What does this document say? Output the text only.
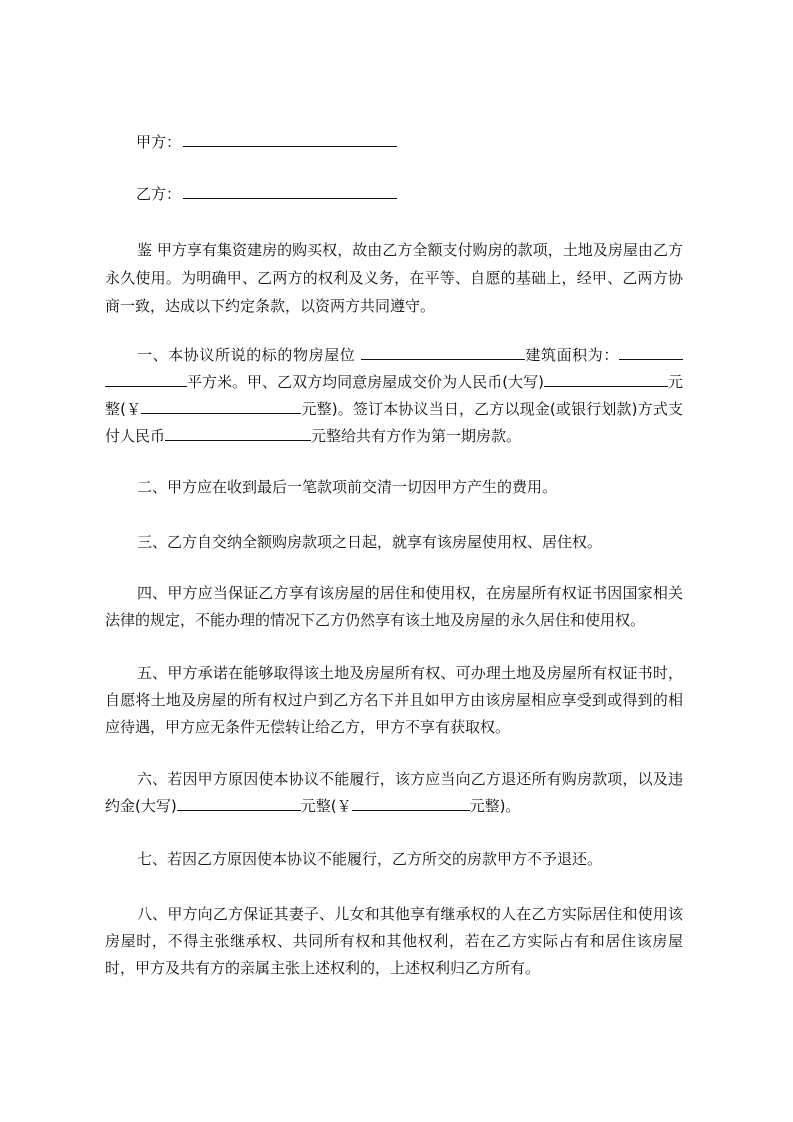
甲方：
乙方：

鉴 甲方享有集资建房的购买权，故由乙方全额支付购房的款项，土地及房屋由乙方永久使用。为明确甲、乙两方的权利及义务，在平等、自愿的基础上，经甲、乙两方协商一致，达成以下约定条款，以资两方共同遵守。

一、本协议所说的标的物房屋位	建筑面积为：平方米。甲、乙双方均同意房屋成交价为人民币(大写)	元整(￥	元整)。签订本协议当日，乙方以现金(或银行划款)方式支付人民币	元整给共有方作为第一期房款。

二、甲方应在收到最后一笔款项前交清一切因甲方产生的费用。

三、乙方自交纳全额购房款项之日起，就享有该房屋使用权、居住权。

四、甲方应当保证乙方享有该房屋的居住和使用权，在房屋所有权证书因国家相关法律的规定，不能办理的情况下乙方仍然享有该土地及房屋的永久居住和使用权。

五、甲方承诺在能够取得该土地及房屋所有权、可办理土地及房屋所有权证书时，自愿将土地及房屋的所有权过户到乙方名下并且如甲方由该房屋相应享受到或得到的相应待遇，甲方应无条件无偿转让给乙方，甲方不享有获取权。

六、若因甲方原因使本协议不能履行，该方应当向乙方退还所有购房款项，以及违约金(大写)	元整(￥	元整)。

七、若因乙方原因使本协议不能履行，乙方所交的房款甲方不予退还。

八、甲方向乙方保证其妻子、儿女和其他享有继承权的人在乙方实际居住和使用该房屋时，不得主张继承权、共同所有权和其他权利，若在乙方实际占有和居住该房屋时，甲方及共有方的亲属主张上述权利的，上述权利归乙方所有。
